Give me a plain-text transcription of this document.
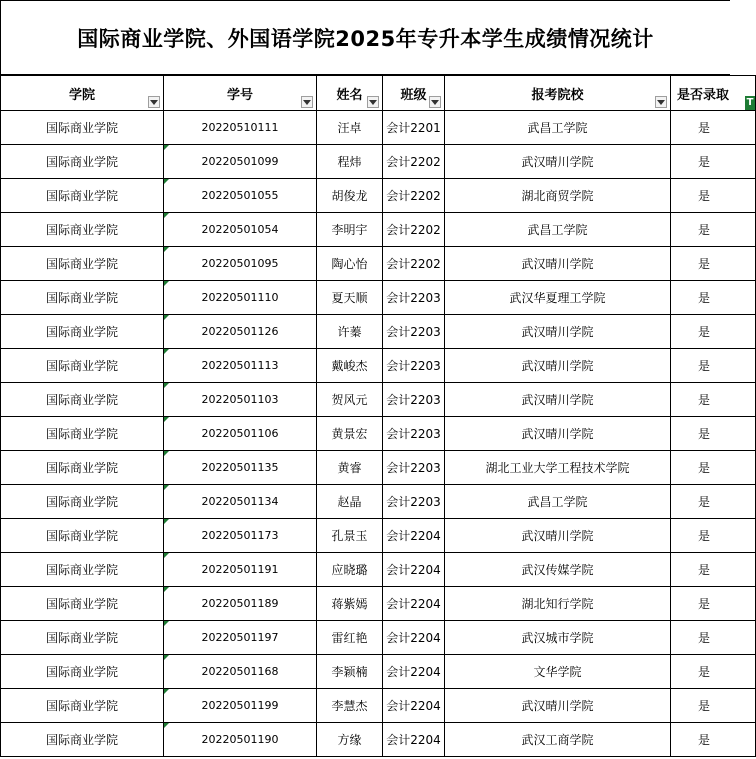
国际商业学院、外国语学院2025年专升本学生成绩情况统计
学院	学号	姓名	班级	报考院校	是否录取 T

国际商业学院	20220510111	汪卓	会计2201	武昌工学院	是
国际商业学院	20220501099	程炜	会计2202	武汉晴川学院	是
国际商业学院	20220501055	胡俊龙	会计2202	湖北商贸学院	是
国际商业学院	20220501054	李明宇	会计2202	武昌工学院	是
国际商业学院	20220501095	陶心怡	会计2202	武汉晴川学院	是
国际商业学院	20220501110	夏天顺	会计2203	武汉华夏理工学院	是
国际商业学院	20220501126	许蓁	会计2203	武汉晴川学院	是
国际商业学院	20220501113	戴峻杰	会计2203	武汉晴川学院	是
国际商业学院	20220501103	贺风元	会计2203	武汉晴川学院	是
国际商业学院	20220501106	黄景宏	会计2203	武汉晴川学院	是
国际商业学院	20220501135	黄睿	会计2203	湖北工业大学工程技术学院	是
国际商业学院	20220501134	赵晶	会计2203	武昌工学院	是
国际商业学院	20220501173	孔景玉	会计2204	武汉晴川学院	是
国际商业学院	20220501191	应晓璐	会计2204	武汉传媒学院	是
国际商业学院	20220501189	蒋紫嫣	会计2204	湖北知行学院	是
国际商业学院	20220501197	雷红艳	会计2204	武汉城市学院	是
国际商业学院	20220501168	李颖楠	会计2204	文华学院	是
国际商业学院	20220501199	李慧杰	会计2204	武汉晴川学院	是
国际商业学院	20220501190	方缘	会计2204	武汉工商学院	是
